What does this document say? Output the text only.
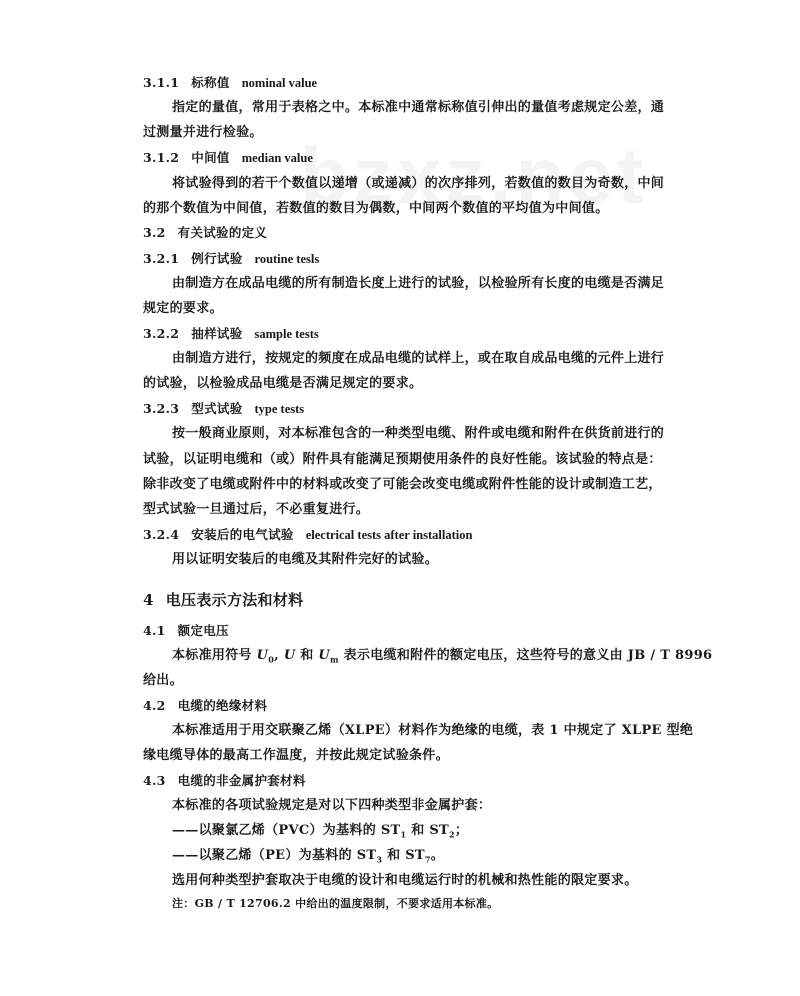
3.1.1 标称值 nominal value
指定的量值，常用于表格之中。本标准中通常标称值引伸出的量值考虑规定公差，通
过测量并进行检验。
3.1.2 中间值 median value
将试验得到的若干个数值以递增（或递减）的次序排列，若数值的数目为奇数，中间
的那个数值为中间值，若数值的数目为偶数，中间两个数值的平均值为中间值。
3.2 有关试验的定义
3.2.1 例行试验 routine tesls
由制造方在成品电缆的所有制造长度上进行的试验，以检验所有长度的电缆是否满足
规定的要求。
3.2.2 抽样试验 sample tests
由制造方进行，按规定的频度在成品电缆的试样上，或在取自成品电缆的元件上进行
的试验，以检验成品电缆是否满足规定的要求。
3.2.3 型式试验 type tests
按一般商业原则，对本标准包含的一种类型电缆、附件或电缆和附件在供货前进行的
试验，以证明电缆和（或）附件具有能满足预期使用条件的良好性能。该试验的特点是：
除非改变了电缆或附件中的材料或改变了可能会改变电缆或附件性能的设计或制造工艺，
型式试验一旦通过后，不必重复进行。
3.2.4 安装后的电气试验 electrical tests after installation
用以证明安装后的电缆及其附件完好的试验。
4 电压表示方法和材料
4.1 额定电压
本标准用符号 $U_0$, U 和 $U_m$ 表示电缆和附件的额定电压，这些符号的意义由 JB / T 8996
给出。
4.2 电缆的绝缘材料
本标准适用于用交联聚乙烯（XLPE）材料作为绝缘的电缆，表 1 中规定了 XLPE 型绝
缘电缆导体的最高工作温度，并按此规定试验条件。
4.3 电缆的非金属护套材料
本标准的各项试验规定是对以下四种类型非金属护套：
——以聚氯乙烯（PVC）为基料的 $ST_1$ 和 $ST_2$；
——以聚乙烯（PE）为基料的 $ST_3$ 和 $ST_7$。
选用何种类型护套取决于电缆的设计和电缆运行时的机械和热性能的限定要求。
注：GB / T 12706.2 中给出的温度限制，不要求适用本标准。
